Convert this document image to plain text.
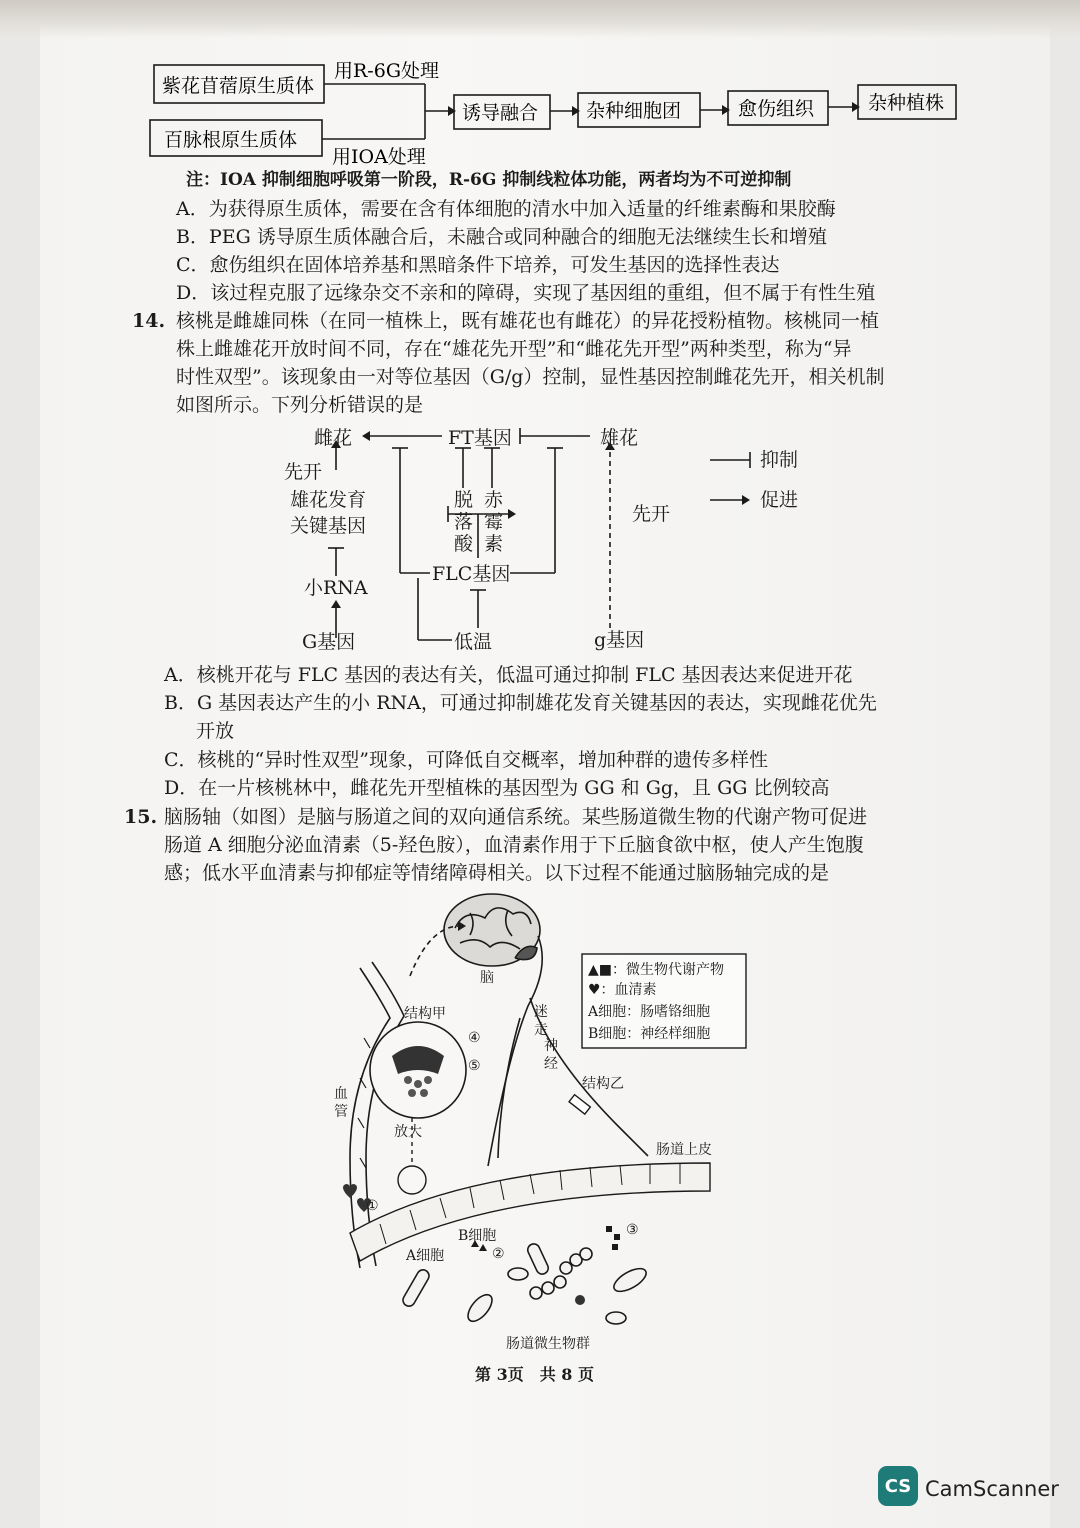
紫花苜蓿原生质体
百脉根原生质体
用R-6G处理
用IOA处理
诱导融合	杂种细胞团	愈伤组织	杂种植株
注：IOA 抑制细胞呼吸第一阶段，R-6G 抑制线粒体功能，两者均为不可逆抑制
A．为获得原生质体，需要在含有体细胞的清水中加入适量的纤维素酶和果胶酶
B．PEG 诱导原生质体融合后，未融合或同种融合的细胞无法继续生长和增殖
C．愈伤组织在固体培养基和黑暗条件下培养，可发生基因的选择性表达
D．该过程克服了远缘杂交不亲和的障碍，实现了基因组的重组，但不属于有性生殖
14. 核桃是雌雄同株（在同一植株上，既有雄花也有雌花）的异花授粉植物。核桃同一植
株上雌雄花开放时间不同，存在“雄花先开型”和“雌花先开型”两种类型，称为“异
时性双型”。该现象由一对等位基因（G/g）控制，显性基因控制雌花先开，相关机制
如图所示。下列分析错误的是
雌花	FT基因	雄花
先开
雄花发育
关键基因
脱
落
酸
赤
霉
素
FLC基因
小RNA
G基因	低温	g基因
先开
抑制
促进
A．核桃开花与 FLC 基因的表达有关，低温可通过抑制 FLC 基因表达来促进开花
B．G 基因表达产生的小 RNA，可通过抑制雄花发育关键基因的表达，实现雌花优先
开放
C．核桃的“异时性双型”现象，可降低自交概率，增加种群的遗传多样性
D．在一片核桃林中，雌花先开型植株的基因型为 GG 和 Gg，且 GG 比例较高
15. 脑肠轴（如图）是脑与肠道之间的双向通信系统。某些肠道微生物的代谢产物可促进
肠道 A 细胞分泌血清素（5-羟色胺），血清素作用于下丘脑食欲中枢，使人产生饱腹
感；低水平血清素与抑郁症等情绪障碍相关。以下过程不能通过脑肠轴完成的是
脑
结构甲
④
⑤
血
管
放大
迷
走
神
经
结构乙
肠道上皮
①
B细胞
A细胞	②
③
肠道微生物群
▲■：微生物代谢产物
♥：血清素
A细胞：肠嗜铬细胞
B细胞：神经样细胞
第 3页　共 8 页
CS CamScanner
